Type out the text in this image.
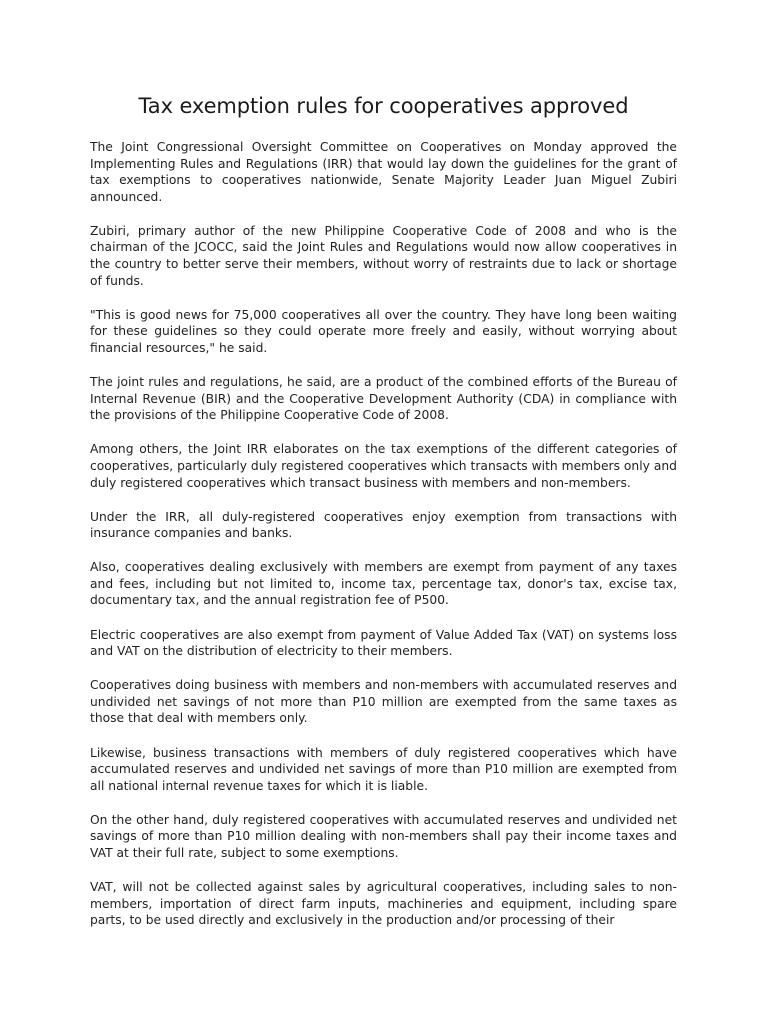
Tax exemption rules for cooperatives approved

The Joint Congressional Oversight Committee on Cooperatives on Monday approved the Implementing Rules and Regulations (IRR) that would lay down the guidelines for the grant of tax exemptions to cooperatives nationwide, Senate Majority Leader Juan Miguel Zubiri announced.

Zubiri, primary author of the new Philippine Cooperative Code of 2008 and who is the chairman of the JCOCC, said the Joint Rules and Regulations would now allow cooperatives in the country to better serve their members, without worry of restraints due to lack or shortage of funds.

"This is good news for 75,000 cooperatives all over the country. They have long been waiting for these guidelines so they could operate more freely and easily, without worrying about financial resources," he said.

The joint rules and regulations, he said, are a product of the combined efforts of the Bureau of Internal Revenue (BIR) and the Cooperative Development Authority (CDA) in compliance with the provisions of the Philippine Cooperative Code of 2008.

Among others, the Joint IRR elaborates on the tax exemptions of the different categories of cooperatives, particularly duly registered cooperatives which transacts with members only and duly registered cooperatives which transact business with members and non-members.

Under the IRR, all duly-registered cooperatives enjoy exemption from transactions with insurance companies and banks.

Also, cooperatives dealing exclusively with members are exempt from payment of any taxes and fees, including but not limited to, income tax, percentage tax, donor's tax, excise tax, documentary tax, and the annual registration fee of P500.

Electric cooperatives are also exempt from payment of Value Added Tax (VAT) on systems loss and VAT on the distribution of electricity to their members.

Cooperatives doing business with members and non-members with accumulated reserves and undivided net savings of not more than P10 million are exempted from the same taxes as those that deal with members only.

Likewise, business transactions with members of duly registered cooperatives which have accumulated reserves and undivided net savings of more than P10 million are exempted from all national internal revenue taxes for which it is liable.

On the other hand, duly registered cooperatives with accumulated reserves and undivided net savings of more than P10 million dealing with non-members shall pay their income taxes and VAT at their full rate, subject to some exemptions.

VAT, will not be collected against sales by agricultural cooperatives, including sales to non-members, importation of direct farm inputs, machineries and equipment, including spare parts, to be used directly and exclusively in the production and/or processing of their
